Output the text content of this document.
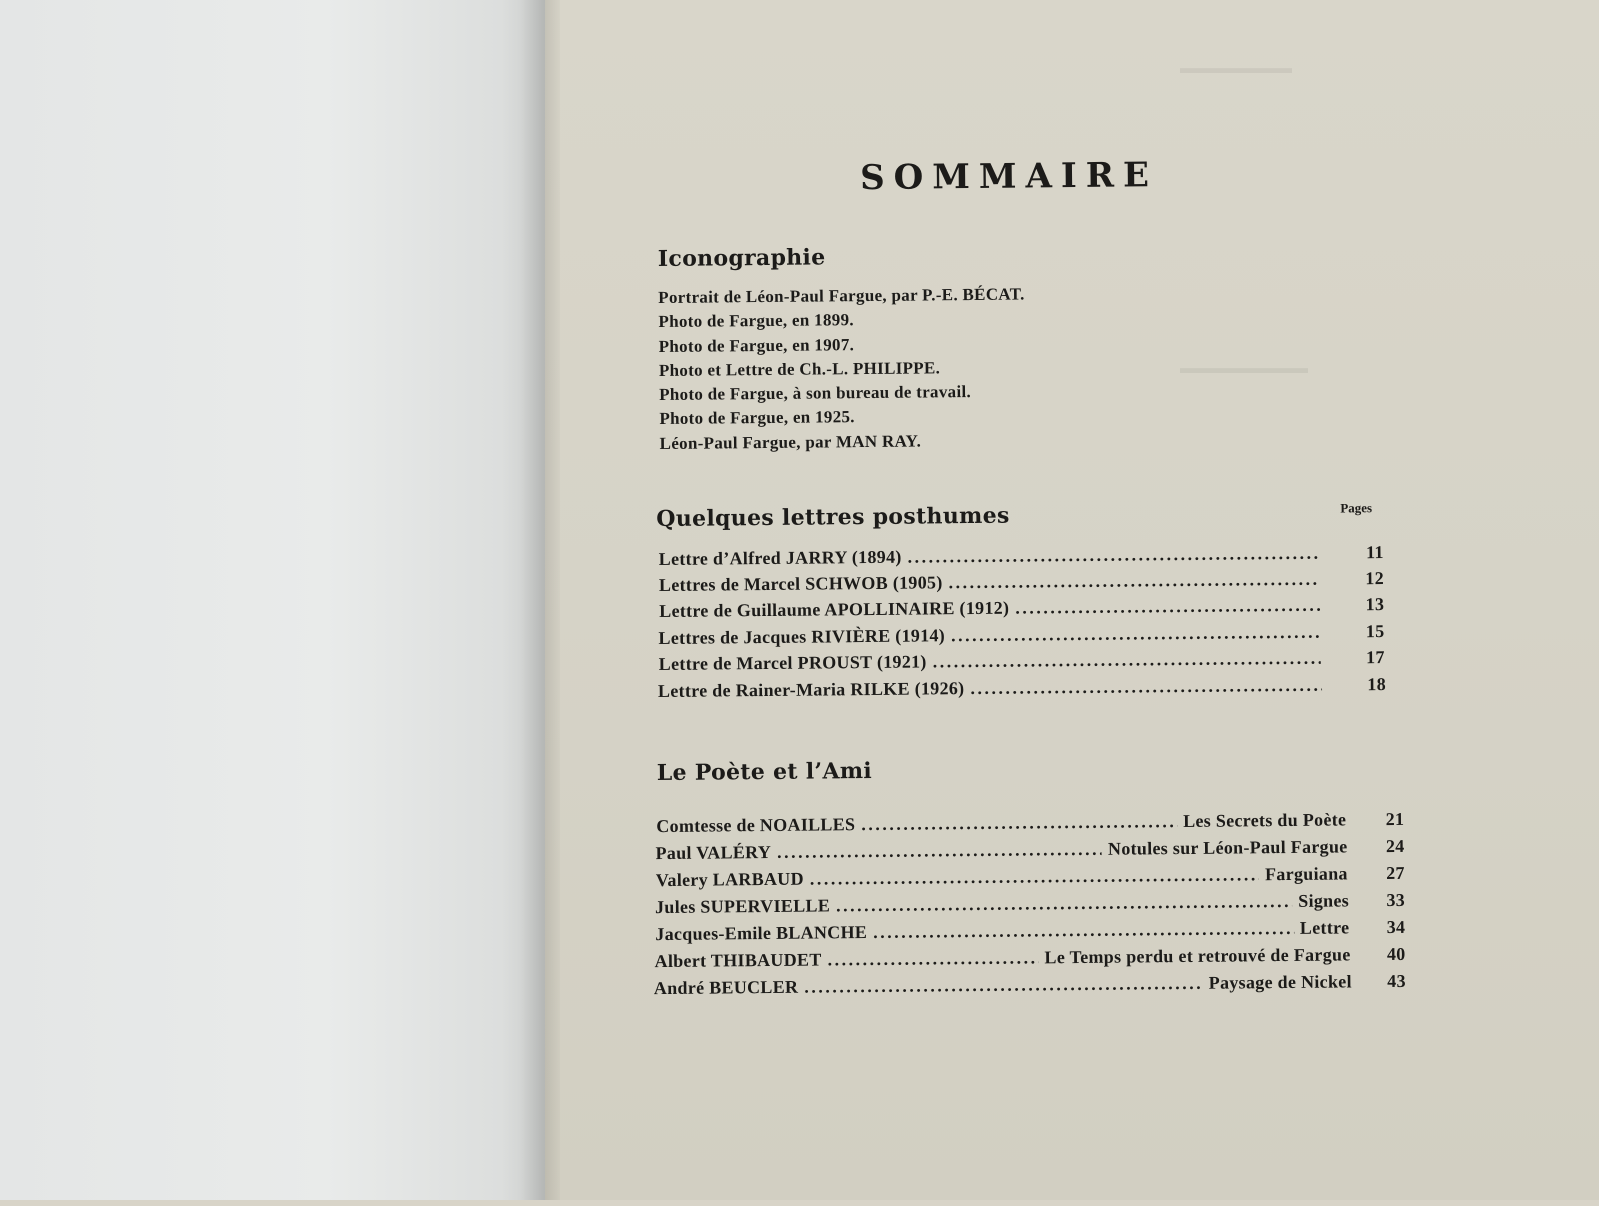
▬▬▬▬▬▬▬
▬▬▬▬▬▬▬▬
SOMMAIRE
Iconographie
Portrait de Léon-Paul Fargue, par P.-E. BÉCAT.
Photo de Fargue, en 1899.
Photo de Fargue, en 1907.
Photo et Lettre de Ch.-L. PHILIPPE.
Photo de Fargue, à son bureau de travail.
Photo de Fargue, en 1925.
Léon-Paul Fargue, par MAN RAY.
Quelques lettres posthumes	Pages
Lettre d’Alfred JARRY (1894) . . .	11
Lettres de Marcel SCHWOB (1905) . . .	12
Lettre de Guillaume APOLLINAIRE (1912) . . .	13
Lettres de Jacques RIVIÈRE (1914) . . .	15
Lettre de Marcel PROUST (1921) . . .	17
Lettre de Rainer-Maria RILKE (1926) . . .	18
Le Poète et l’Ami
Comtesse de NOAILLES . . .	Les Secrets du Poète	21
Paul VALÉRY . . .	Notules sur Léon-Paul Fargue	24
Valery LARBAUD . . .	Farguiana	27
Jules SUPERVIELLE . . .	Signes	33
Jacques-Emile BLANCHE . . .	Lettre	34
Albert THIBAUDET . . .	Le Temps perdu et retrouvé de Fargue	40
André BEUCLER . . .	Paysage de Nickel	43
